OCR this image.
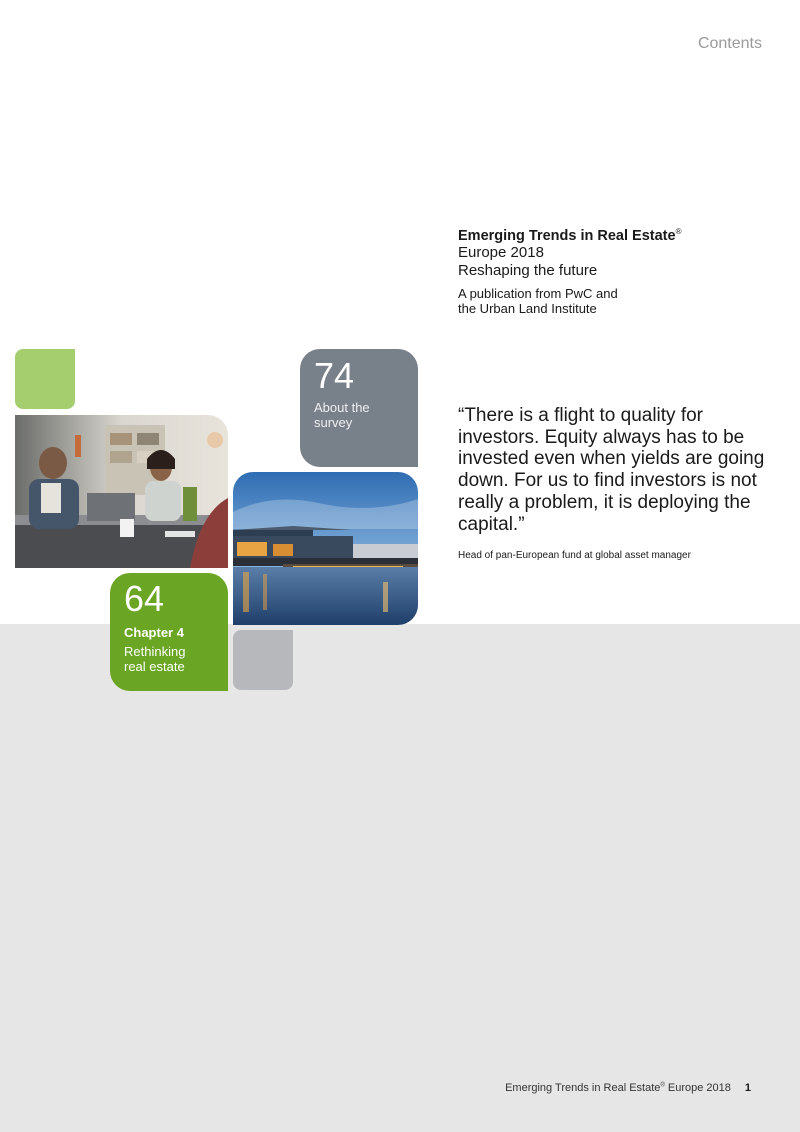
Contents
Emerging Trends in Real Estate®
Europe 2018
Reshaping the future
A publication from PwC and
the Urban Land Institute
74
About the survey
64
Chapter 4
Rethinking
real estate

“There is a flight to quality for investors. Equity always has to be invested even when yields are going down. For us to find investors is not really a problem, it is deploying the capital.”

Head of pan-European fund at global asset manager

Emerging Trends in Real Estate® Europe 2018 1
